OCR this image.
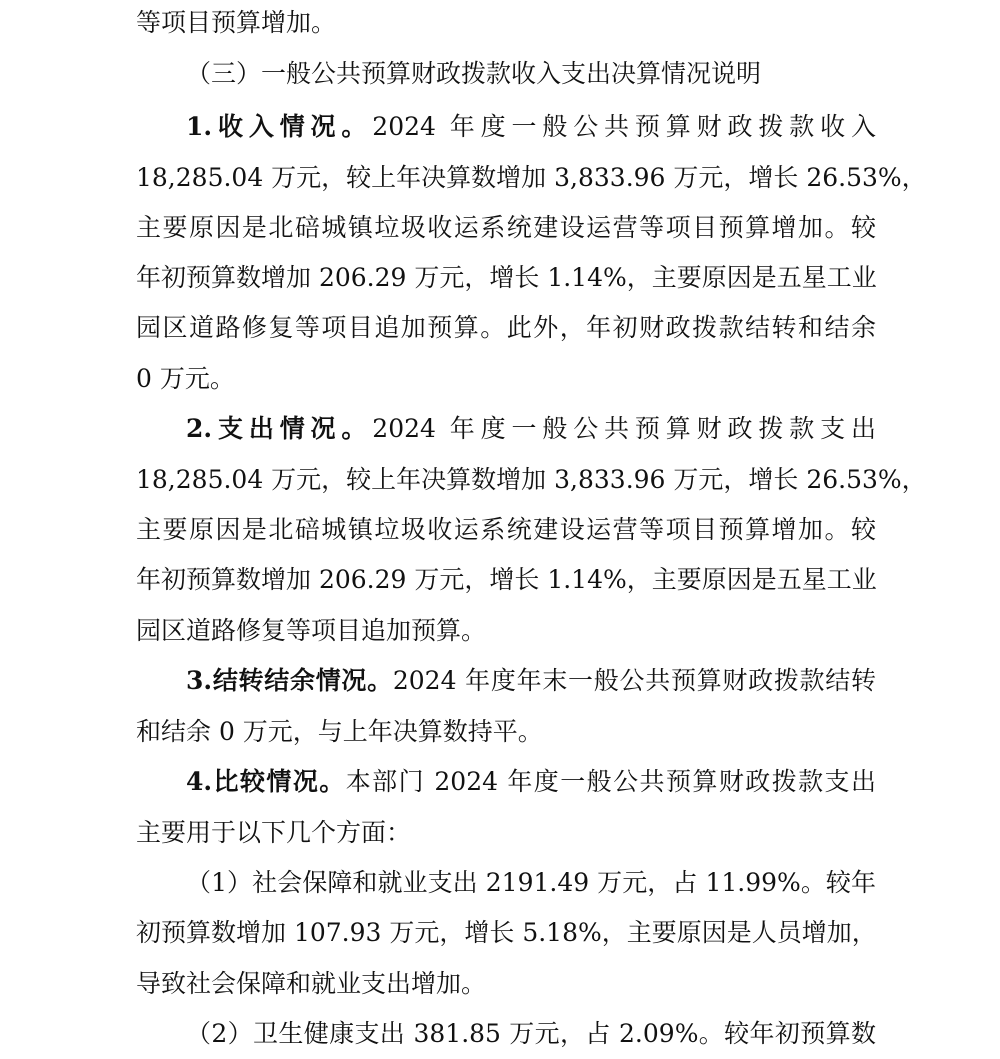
等项目预算增加。
（三）一般公共预算财政拨款收入支出决算情况说明
1.收入情况。2024 年度一般公共预算财政拨款收入
18,285.04 万元，较上年决算数增加 3,833.96 万元，增长 26.53%，
主要原因是北碚城镇垃圾收运系统建设运营等项目预算增加。较
年初预算数增加 206.29 万元，增长 1.14%，主要原因是五星工业
园区道路修复等项目追加预算。此外，年初财政拨款结转和结余
0 万元。
2.支出情况。2024 年度一般公共预算财政拨款支出
18,285.04 万元，较上年决算数增加 3,833.96 万元，增长 26.53%，
主要原因是北碚城镇垃圾收运系统建设运营等项目预算增加。较
年初预算数增加 206.29 万元，增长 1.14%，主要原因是五星工业
园区道路修复等项目追加预算。
3.结转结余情况。2024 年度年末一般公共预算财政拨款结转
和结余 0 万元，与上年决算数持平。
4.比较情况。本部门 2024 年度一般公共预算财政拨款支出
主要用于以下几个方面：
（1）社会保障和就业支出 2191.49 万元，占 11.99%。较年
初预算数增加 107.93 万元，增长 5.18%，主要原因是人员增加，
导致社会保障和就业支出增加。
（2）卫生健康支出 381.85 万元，占 2.09%。较年初预算数
